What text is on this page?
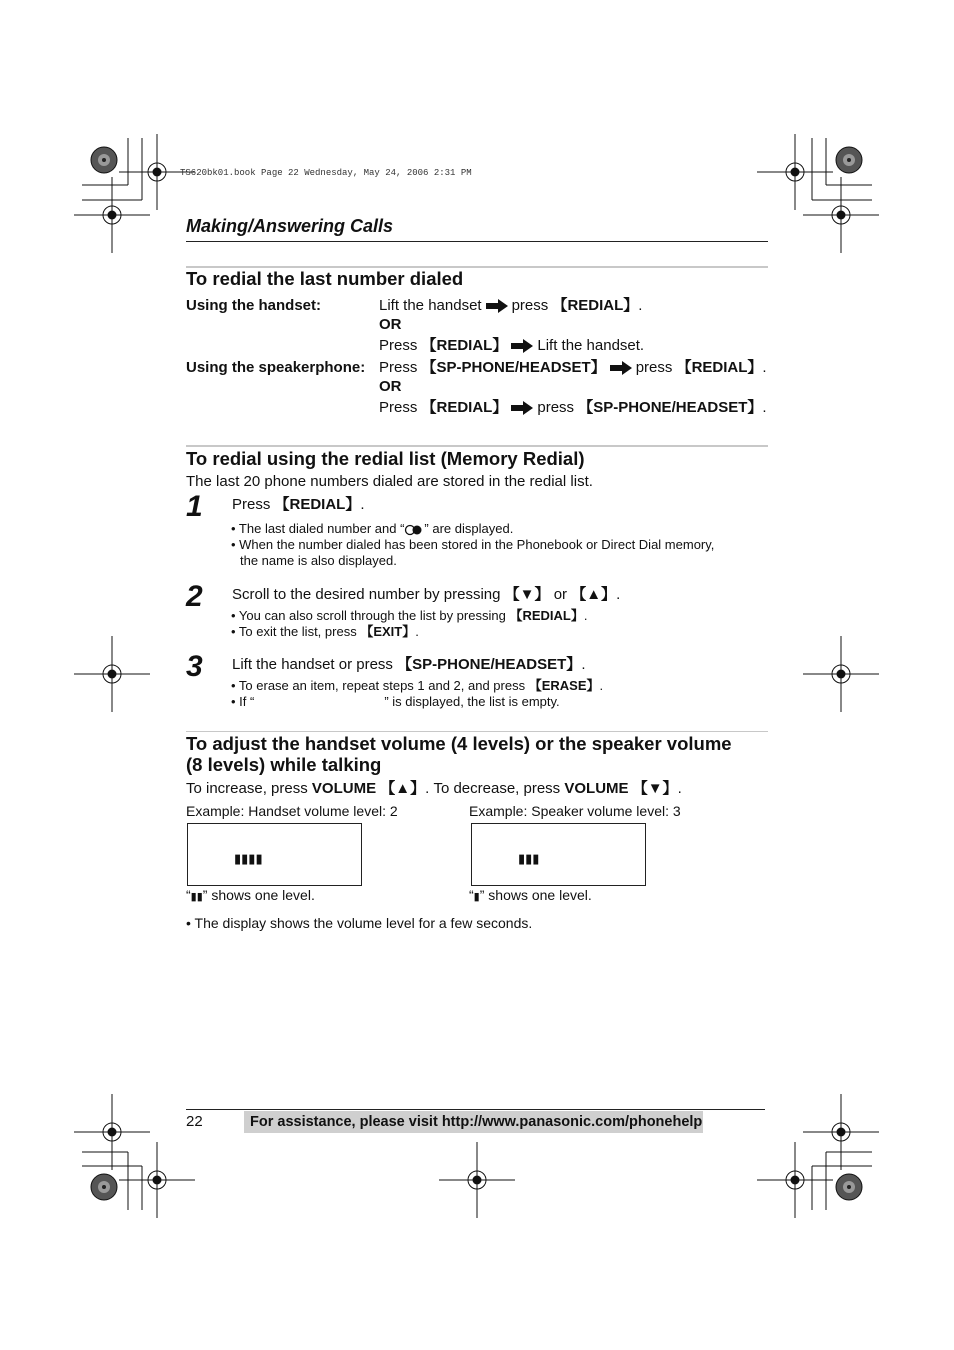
TS620bk01.book Page 22 Wednesday, May 24, 2006 2:31 PM
Making/Answering Calls
To redial the last number dialed
Using the handset:	Lift the handset press 【REDIAL】.
OR
Press 【REDIAL】 Lift the handset.
Using the speakerphone: Press 【SP-PHONE/HEADSET】 press 【REDIAL】.
OR
Press 【REDIAL】 press 【SP-PHONE/HEADSET】.
To redial using the redial list (Memory Redial)
The last 20 phone numbers dialed are stored in the redial list.
1 Press 【REDIAL】.
• The last dialed number and “ ” are displayed.
• When the number dialed has been stored in the Phonebook or Direct Dial memory,
the name is also displayed.
2 Scroll to the desired number by pressing 【▼】 or 【▲】.
• You can also scroll through the list by pressing 【REDIAL】.
• To exit the list, press 【EXIT】.
3 Lift the handset or press 【SP-PHONE/HEADSET】.
• To erase an item, repeat steps 1 and 2, and press 【ERASE】.
• If “	” is displayed, the list is empty.
To adjust the handset volume (4 levels) or the speaker volume
(8 levels) while talking
To increase, press VOLUME 【▲】. To decrease, press VOLUME 【▼】.
Example: Handset volume level: 2	Example: Speaker volume level: 3
▮▮▮▮	▮▮▮
“▮▮” shows one level.	“▮” shows one level.
• The display shows the volume level for a few seconds.
22	For assistance, please visit http://www.panasonic.com/phonehelp
